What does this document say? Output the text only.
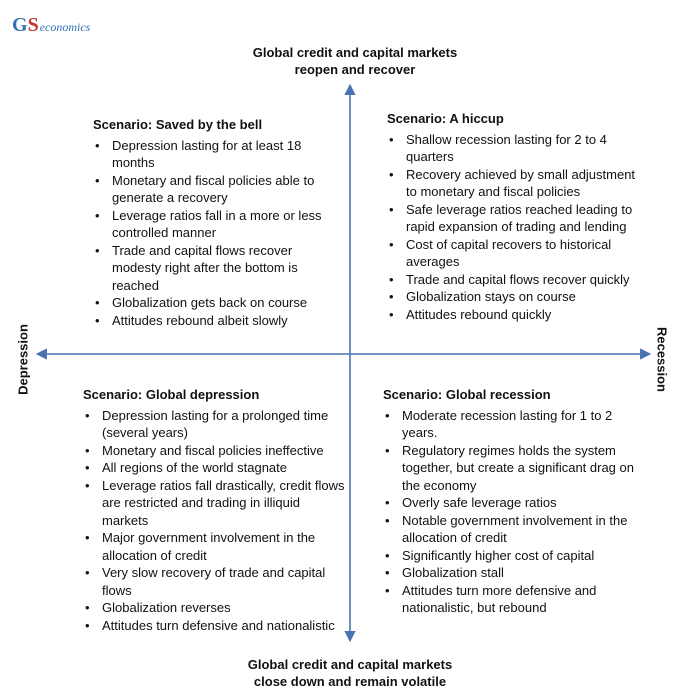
GSeconomics
Global credit and capital markets reopen and recover
Global credit and capital markets close down and remain volatile
Depression	Recession
Scenario: Saved by the bell
• Depression lasting for at least 18 months
• Monetary and fiscal policies able to generate a recovery
• Leverage ratios fall in a more or less controlled manner
• Trade and capital flows recover modesty right after the bottom is reached
• Globalization gets back on course
• Attitudes rebound albeit slowly
Scenario: A hiccup
• Shallow recession lasting for 2 to 4 quarters
• Recovery achieved by small adjustment to monetary and fiscal policies
• Safe leverage ratios reached leading to rapid expansion of trading and lending
• Cost of capital recovers to historical averages
• Trade and capital flows recover quickly
• Globalization stays on course
• Attitudes rebound quickly
Scenario: Global depression
• Depression lasting for a prolonged time (several years)
• Monetary and fiscal policies ineffective
• All regions of the world stagnate
• Leverage ratios fall drastically, credit flows are restricted and trading in illiquid markets
• Major government involvement in the allocation of credit
• Very slow recovery of trade and capital flows
• Globalization reverses
• Attitudes turn defensive and nationalistic
Scenario: Global recession
• Moderate recession lasting for 1 to 2 years.
• Regulatory regimes holds the system together, but create a significant drag on the economy
• Overly safe leverage ratios
• Notable government involvement in the allocation of credit
• Significantly higher cost of capital
• Globalization stall
• Attitudes turn more defensive and nationalistic, but rebound
